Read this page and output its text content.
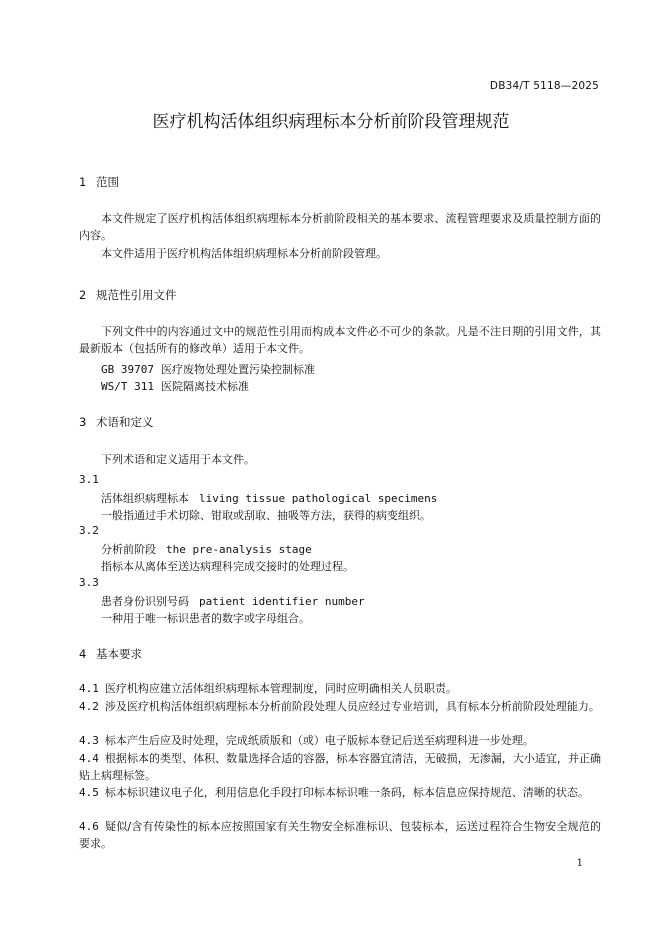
DB34/T 5118—2025
医疗机构活体组织病理标本分析前阶段管理规范
1 范围
本文件规定了医疗机构活体组织病理标本分析前阶段相关的基本要求、流程管理要求及质量控制方面的内容。
本文件适用于医疗机构活体组织病理标本分析前阶段管理。
2 规范性引用文件
下列文件中的内容通过文中的规范性引用而构成本文件必不可少的条款。凡是不注日期的引用文件，其最新版本（包括所有的修改单）适用于本文件。
GB 39707 医疗废物处理处置污染控制标准
WS/T 311 医院隔离技术标准
3 术语和定义
下列术语和定义适用于本文件。
3.1
活体组织病理标本 living tissue pathological specimens
一般指通过手术切除、钳取或刮取、抽吸等方法，获得的病变组织。
3.2
分析前阶段 the pre-analysis stage
指标本从离体至送达病理科完成交接时的处理过程。
3.3
患者身份识别号码 patient identifier number
一种用于唯一标识患者的数字或字母组合。
4 基本要求
4.1 医疗机构应建立活体组织病理标本管理制度，同时应明确相关人员职责。
4.2 涉及医疗机构活体组织病理标本分析前阶段处理人员应经过专业培训，具有标本分析前阶段处理能力。
4.3 标本产生后应及时处理，完成纸质版和（或）电子版标本登记后送至病理科进一步处理。
4.4 根据标本的类型、体积、数量选择合适的容器，标本容器宜清洁，无破损，无渗漏，大小适宜，并正确贴上病理标签。
4.5 标本标识建议电子化，利用信息化手段打印标本标识唯一条码，标本信息应保持规范、清晰的状态。
4.6 疑似/含有传染性的标本应按照国家有关生物安全标准标识、包装标本，运送过程符合生物安全规范的要求。
1
